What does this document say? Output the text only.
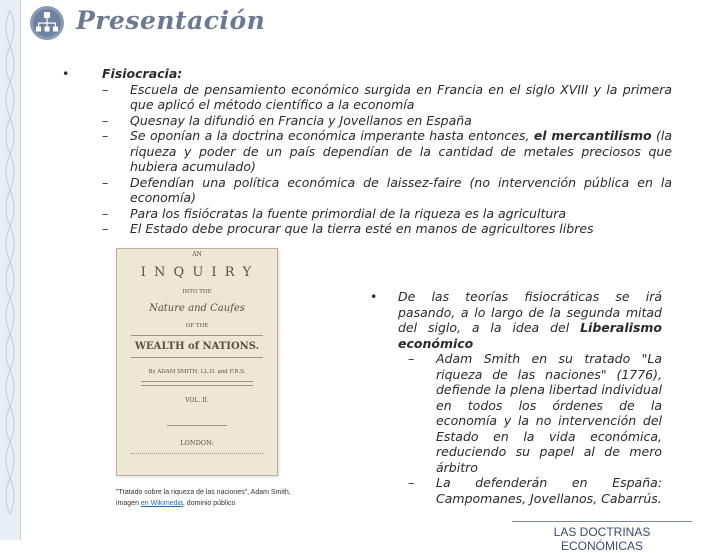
Presentación
•	Fisiocracia:
– Escuela de pensamiento económico surgida en Francia en el siglo XVIII y la primera que aplicó el método científico a la economía
– Quesnay la difundió en Francia y Jovellanos en España
– Se oponían a la doctrina económica imperante hasta entonces, el mercantilismo (la riqueza y poder de un país dependían de la cantidad de metales preciosos que hubiera acumulado)
– Defendían una política económica de laissez-faire (no intervención pública en la economía)
– Para los fisiócratas la fuente primordial de la riqueza es la agricultura
– El Estado debe procurar que la tierra esté en manos de agricultores libres
AN
I N Q U I R Y
INTO THE
Nature and Caufes
OF THE
WEALTH of NATIONS.
By ADAM SMITH, LL.D. and F.R.S.
VOL. II.
LONDON:
"Tratado sobre la riqueza de las naciones", Adam Smith, imagen en Wikimedia, dominio público
• De las teorías fisiocráticas se irá pasando, a lo largo de la segunda mitad del siglo, a la idea del Liberalismo económico
– Adam Smith en su tratado "La riqueza de las naciones" (1776), defiende la plena libertad individual en todos los órdenes de la economía y la no intervención del Estado en la vida económica, reduciendo su papel al de mero árbitro
– La defenderán en España: Campomanes, Jovellanos, Cabarrús.
LAS DOCTRINAS ECONÓMICAS
